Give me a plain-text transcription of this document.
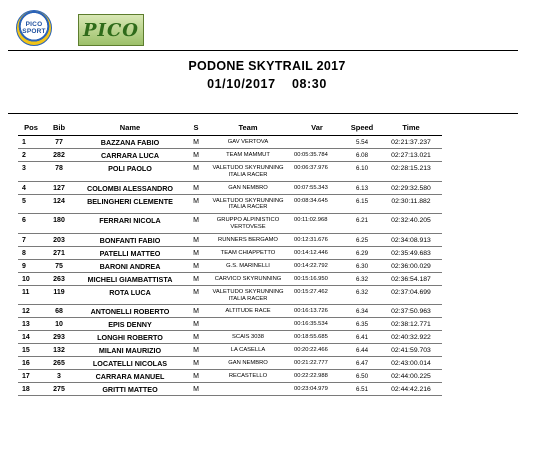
PICO
SPORT PICO
PODONE SKYTRAIL 2017
01/10/2017 08:30
Pos	Bib	Name	S	Team	Var	Speed	Time
1	77	BAZZANA FABIO	M	GAV VERTOVA		5.54	02:21:37.237
2	282	CARRARA LUCA	M	TEAM MAMMUT	00:05:35.784	6.08	02:27:13.021
3	78	POLI PAOLO	M	VALETUDO SKYRUNNING ITALIA RACER	00:06:37.976	6.10	02:28:15.213
4	127	COLOMBI ALESSANDRO	M	GAN NEMBRO	00:07:55.343	6.13	02:29:32.580
5	124	BELINGHERI CLEMENTE	M	VALETUDO SKYRUNNING ITALIA RACER	00:08:34.645	6.15	02:30:11.882
6	180	FERRARI NICOLA	M	GRUPPO ALPINISTICO VERTOVESE	00:11:02.968	6.21	02:32:40.205
7	203	BONFANTI FABIO	M	RUNNERS BERGAMO	00:12:31.676	6.25	02:34:08.913
8	271	PATELLI MATTEO	M	TEAM CHIAPPETTO	00:14:12.446	6.29	02:35:49.683
9	75	BARONI ANDREA	M	G.S. MARINELLI	00:14:22.792	6.30	02:36:00.029
10	263	MICHELI GIAMBATTISTA	M	CARVICO SKYRUNNING	00:15:16.950	6.32	02:36:54.187
11	119	ROTA LUCA	M	VALETUDO SKYRUNNING ITALIA RACER	00:15:27.462	6.32	02:37:04.699
12	68	ANTONELLI ROBERTO	M	ALTITUDE RACE	00:16:13.726	6.34	02:37:50.963
13	10	EPIS DENNY	M		00:16:35.534	6.35	02:38:12.771
14	293	LONGHI ROBERTO	M	SCAIS 3038	00:18:55.685	6.41	02:40:32.922
15	132	MILANI MAURIZIO	M	LA CASELLA	00:20:22.466	6.44	02:41:59.703
16	265	LOCATELLI NICOLAS	M	GAN NEMBRO	00:21:22.777	6.47	02:43:00.014
17	3	CARRARA MANUEL	M	RECASTELLO	00:22:22.988	6.50	02:44:00.225
18	275	GRITTI MATTEO	M		00:23:04.979	6.51	02:44:42.216
